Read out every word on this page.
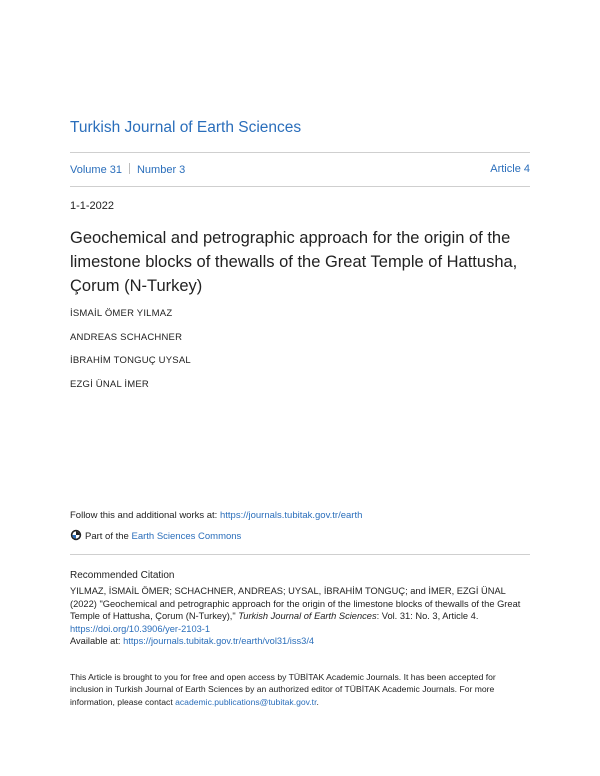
Turkish Journal of Earth Sciences
Volume 31 Number 3	Article 4
1-1-2022
Geochemical and petrographic approach for the origin of the
limestone blocks of thewalls of the Great Temple of Hattusha,
Çorum (N-Turkey)
İSMAİL ÖMER YILMAZ
ANDREAS SCHACHNER
İBRAHİM TONGUÇ UYSAL
EZGİ ÜNAL İMER
Follow this and additional works at: https://journals.tubitak.gov.tr/earth
Part of the Earth Sciences Commons
Recommended Citation
YILMAZ, İSMAİL ÖMER; SCHACHNER, ANDREAS; UYSAL, İBRAHİM TONGUÇ; and İMER, EZGİ ÜNAL
(2022) "Geochemical and petrographic approach for the origin of the limestone blocks of thewalls of the Great Temple of Hattusha, Çorum (N-Turkey)," Turkish Journal of Earth Sciences: Vol. 31: No. 3, Article 4.
https://doi.org/10.3906/yer-2103-1
Available at: https://journals.tubitak.gov.tr/earth/vol31/iss3/4
This Article is brought to you for free and open access by TÜBİTAK Academic Journals. It has been accepted for inclusion in Turkish Journal of Earth Sciences by an authorized editor of TÜBİTAK Academic Journals. For more information, please contact academic.publications@tubitak.gov.tr.
